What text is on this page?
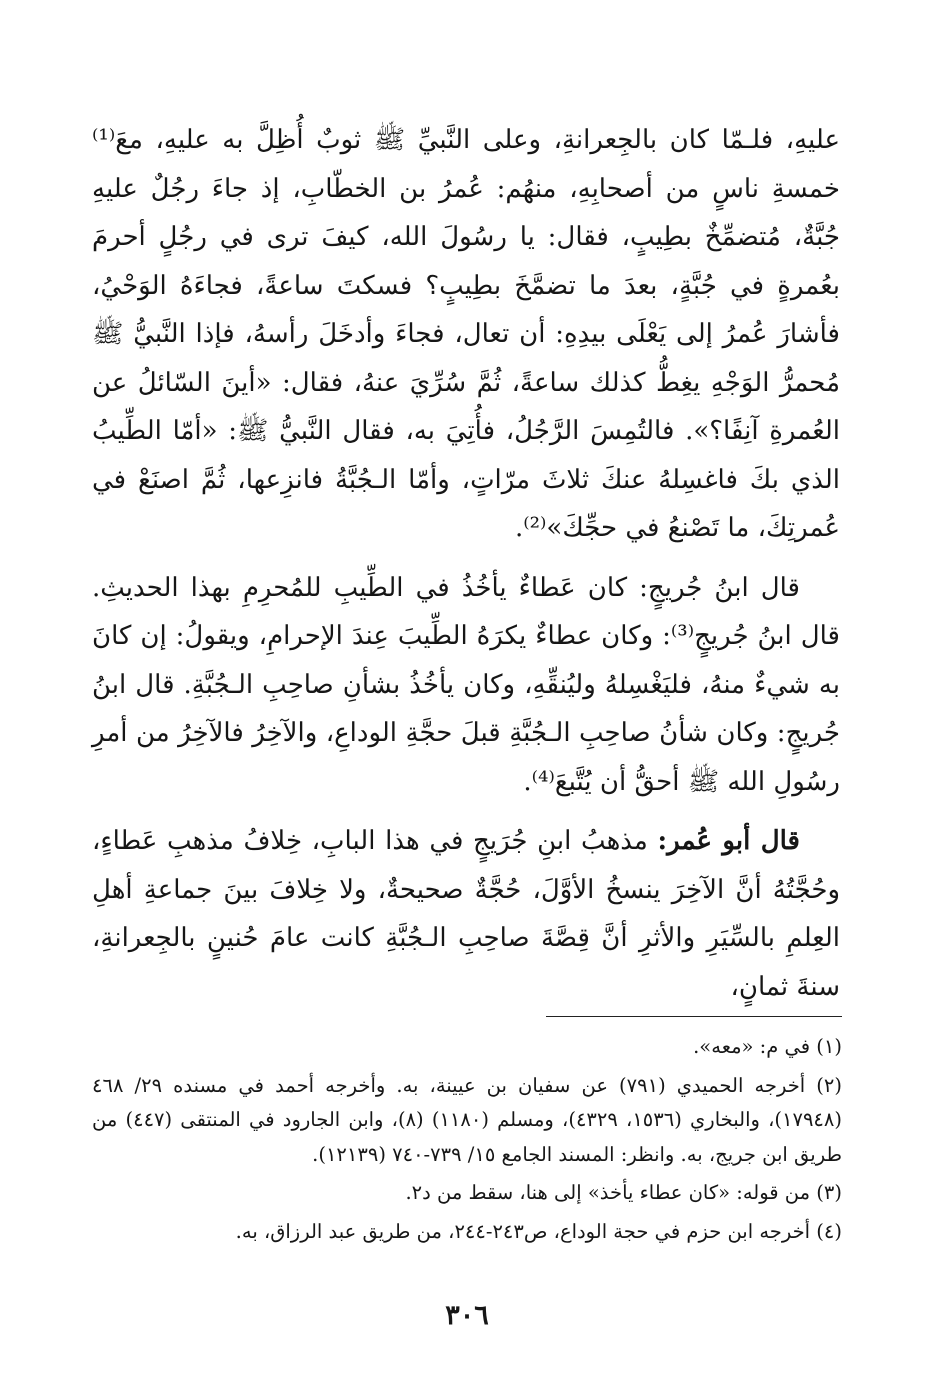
عليهِ، فلـمّا كان بالجِعرانةِ، وعلى النَّبيِّ ﷺ ثوبٌ أُظِلَّ به عليهِ، معَ⁽¹⁾ خمسةِ ناسٍ من أصحابِهِ، منهُم: عُمرُ بن الخطّابِ، إذ جاءَ رجُلٌ عليهِ جُبَّةٌ، مُتضمِّخٌ بطِيبٍ، فقال: يا رسُولَ الله، كيفَ ترى في رجُلٍ أحرمَ بعُمرةٍ في جُبَّةٍ، بعدَ ما تضمَّخَ بطِيبٍ؟ فسكتَ ساعةً، فجاءَهُ الوَحْيُ، فأشارَ عُمرُ إلى يَعْلَى بيدِهِ: أن تعال، فجاءَ وأدخَلَ رأسهُ، فإذا النَّبيُّ ﷺ مُحمرُّ الوَجْهِ يغِطُّ كذلك ساعةً، ثُمَّ سُرِّيَ عنهُ، فقال: «أينَ السّائلُ عن العُمرةِ آنِفًا؟». فالتُمِسَ الرَّجُلُ، فأُتِيَ به، فقال النَّبيُّ ﷺ: «أمّا الطِّيبُ الذي بكَ فاغسِلهُ عنكَ ثلاثَ مرّاتٍ، وأمّا الـجُبَّةُ فانزِعها، ثُمَّ اصنَعْ في عُمرتِكَ، ما تَصْنعُ في حجِّكَ»⁽²⁾.

قال ابنُ جُريجٍ: كان عَطاءٌ يأخُذُ في الطِّيبِ للمُحرِمِ بهذا الحديثِ. قال ابنُ جُريجٍ⁽³⁾: وكان عطاءٌ يكرَهُ الطِّيبَ عِندَ الإحرامِ، ويقولُ: إن كانَ به شيءٌ منهُ، فليَغْسِلهُ وليُنقِّهِ، وكان يأخُذُ بشأنِ صاحِبِ الـجُبَّةِ. قال ابنُ جُريجٍ: وكان شأنُ صاحِبِ الـجُبَّةِ قبلَ حجَّةِ الوداعِ، والآخِرُ فالآخِرُ من أمرِ رسُولِ الله ﷺ أحقُّ أن يُتَّبعَ⁽⁴⁾.

قال أبو عُمر: مذهبُ ابنِ جُرَيجٍ في هذا البابِ، خِلافُ مذهبِ عَطاءٍ، وحُجَّتُهُ أنَّ الآخِرَ ينسخُ الأوَّلَ، حُجَّةٌ صحيحةٌ، ولا خِلافَ بينَ جماعةِ أهلِ العِلمِ بالسِّيَرِ والأثرِ أنَّ قِصَّةَ صاحِبِ الـجُبَّةِ كانت عامَ حُنينٍ بالجِعرانةِ، سنةَ ثمانٍ،

(١) في م: «معه».

(٢) أخرجه الحميدي (٧٩١) عن سفيان بن عيينة، به. وأخرجه أحمد في مسنده ٢٩/ ٤٦٨ (١٧٩٤٨)، والبخاري (١٥٣٦، ٤٣٢٩)، ومسلم (١١٨٠) (٨)، وابن الجارود في المنتقى (٤٤٧) من طريق ابن جريج، به. وانظر: المسند الجامع ١٥/ ٧٣٩-٧٤٠ (١٢١٣٩).

(٣) من قوله: «كان عطاء يأخذ» إلى هنا، سقط من د٢.

(٤) أخرجه ابن حزم في حجة الوداع، ص٢٤٣-٢٤٤، من طريق عبد الرزاق، به.

٣٠٦
